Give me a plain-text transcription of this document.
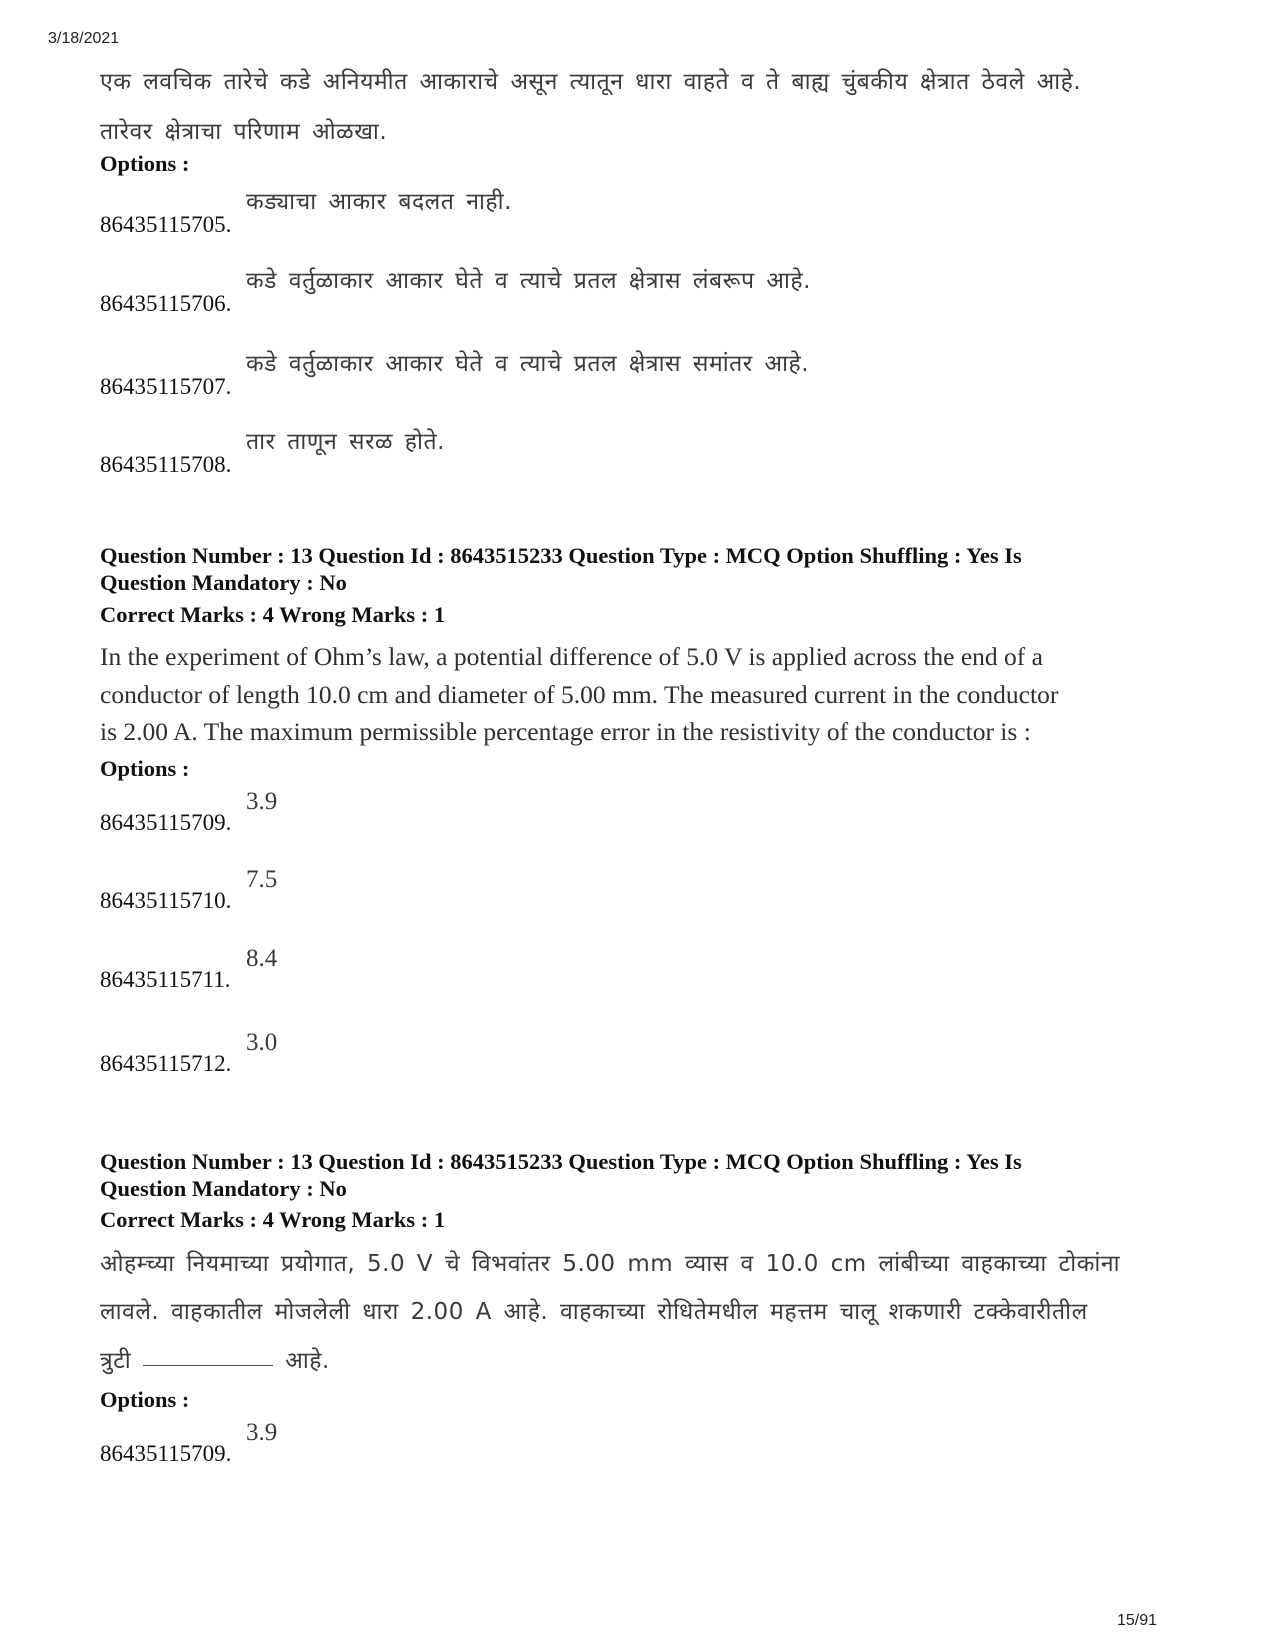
3/18/2021
15/91
एक लवचिक तारेचे कडे अनियमीत आकाराचे असून त्यातून धारा वाहते व ते बाह्य चुंबकीय क्षेत्रात ठेवले आहे.
तारेवर क्षेत्राचा परिणाम ओळखा.
Options :
86435115705.
कड्याचा आकार बदलत नाही.
86435115706.
कडे वर्तुळाकार आकार घेते व त्याचे प्रतल क्षेत्रास लंबरूप आहे.
86435115707.
कडे वर्तुळाकार आकार घेते व त्याचे प्रतल क्षेत्रास समांतर आहे.
86435115708.
तार ताणून सरळ होते.
Question Number : 13 Question Id : 8643515233 Question Type : MCQ Option Shuffling : Yes Is
Question Mandatory : No
Correct Marks : 4 Wrong Marks : 1
In the experiment of Ohm’s law, a potential difference of 5.0 V is applied across the end of a
conductor of length 10.0 cm and diameter of 5.00 mm. The measured current in the conductor
is 2.00 A. The maximum permissible percentage error in the resistivity of the conductor is :
Options :
86435115709.
3.9
86435115710.
7.5
86435115711.
8.4
86435115712.
3.0
Question Number : 13 Question Id : 8643515233 Question Type : MCQ Option Shuffling : Yes Is
Question Mandatory : No
Correct Marks : 4 Wrong Marks : 1
ओहम्च्या नियमाच्या प्रयोगात, 5.0 V चे विभवांतर 5.00 mm व्यास व 10.0 cm लांबीच्या वाहकाच्या टोकांना
लावले. वाहकातील मोजलेली धारा 2.00 A आहे. वाहकाच्या रोधितेमधील महत्तम चालू शकणारी टक्केवारीतील
त्रुटी	आहे.
Options :
86435115709.
3.9
